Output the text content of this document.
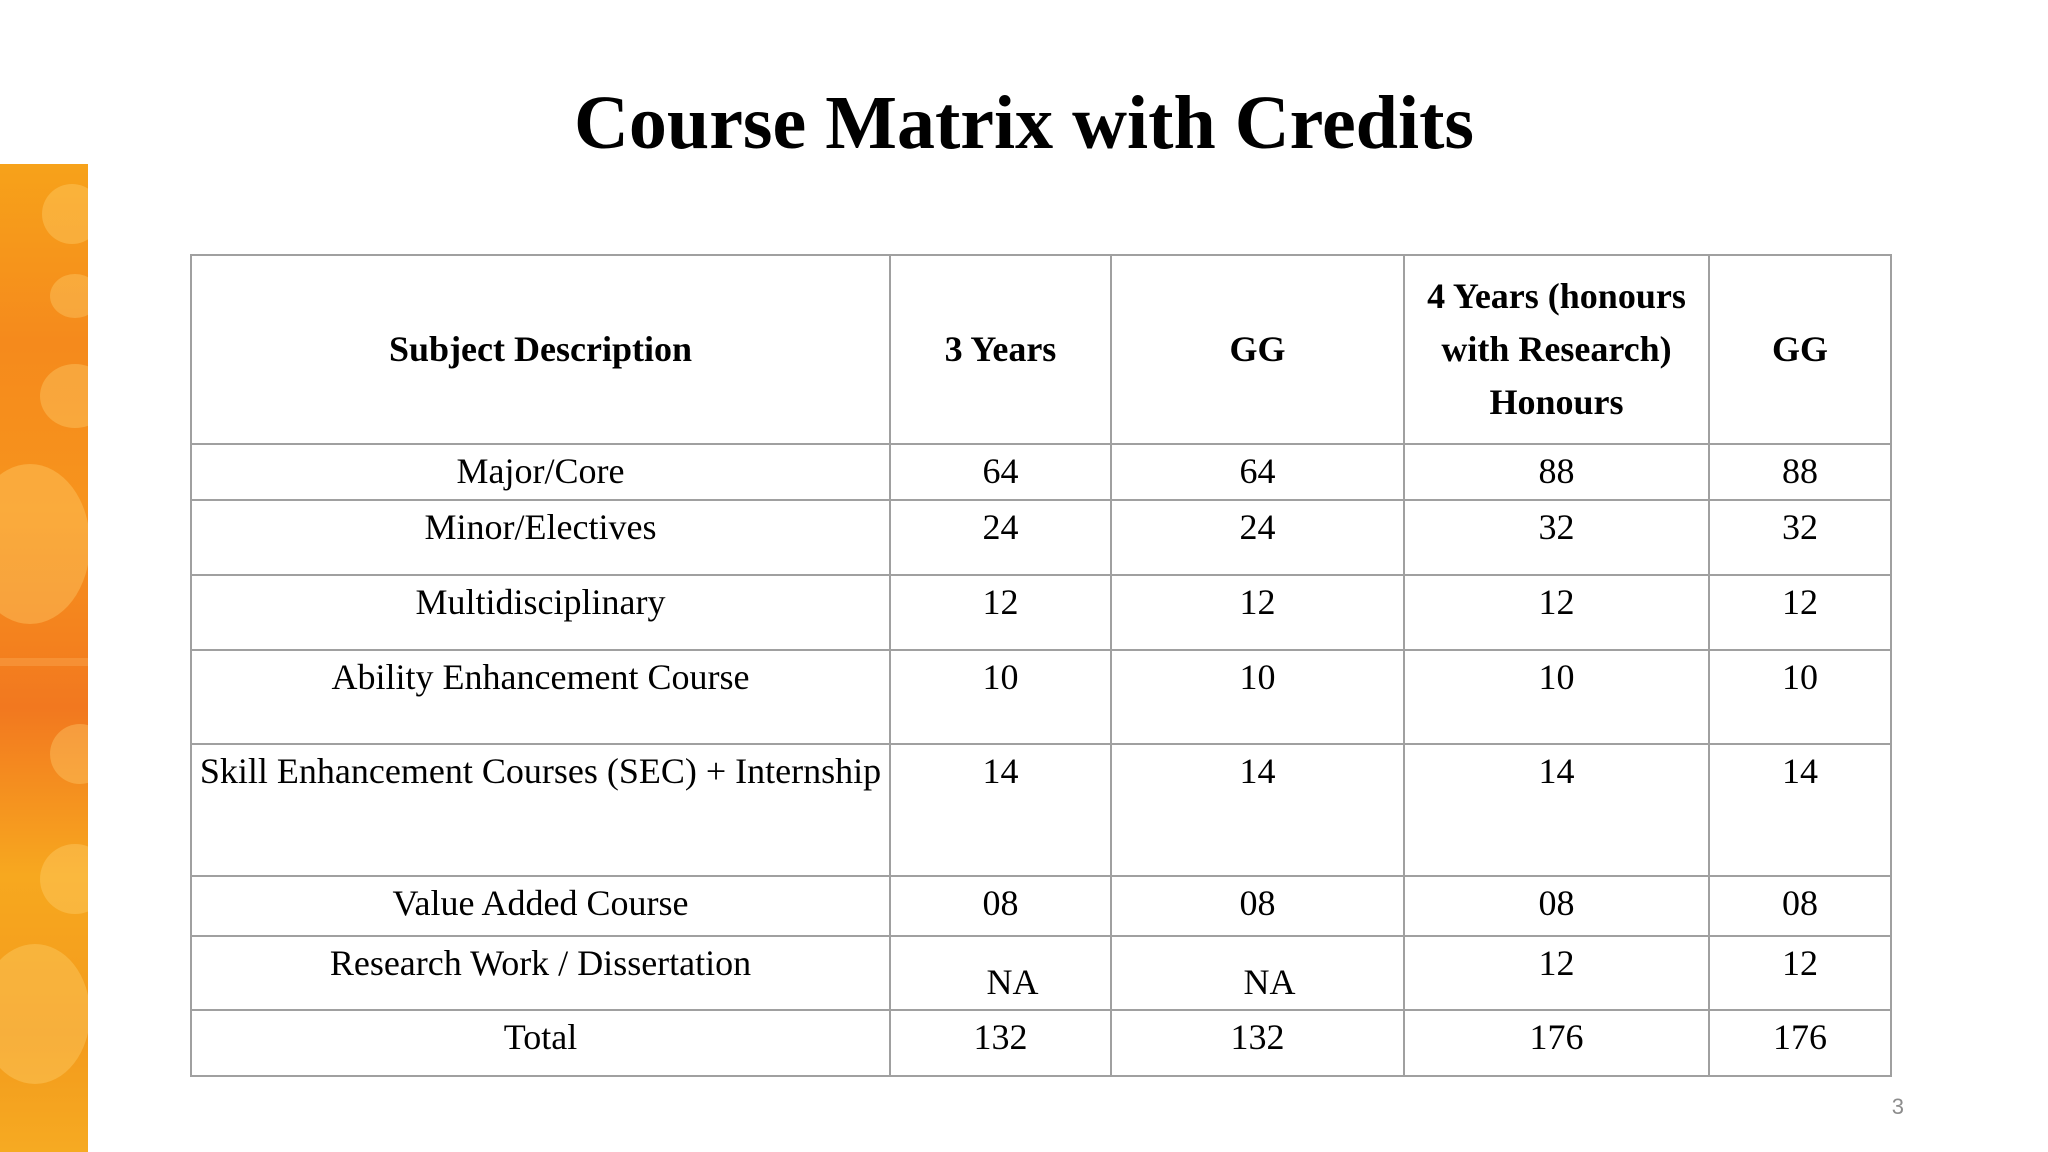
Course Matrix with Credits
Subject Description	3 Years	GG	4 Years (honours with Research) Honours	GG
Major/Core	64	64	88	88
Minor/Electives	24	24	32	32
Multidisciplinary	12	12	12	12
Ability Enhancement Course	10	10	10	10
Skill Enhancement Courses (SEC) + Internship	14	14	14	14
Value Added Course	08	08	08	08
Research Work / Dissertation	NA	NA	12	12
Total	132	132	176	176
3
